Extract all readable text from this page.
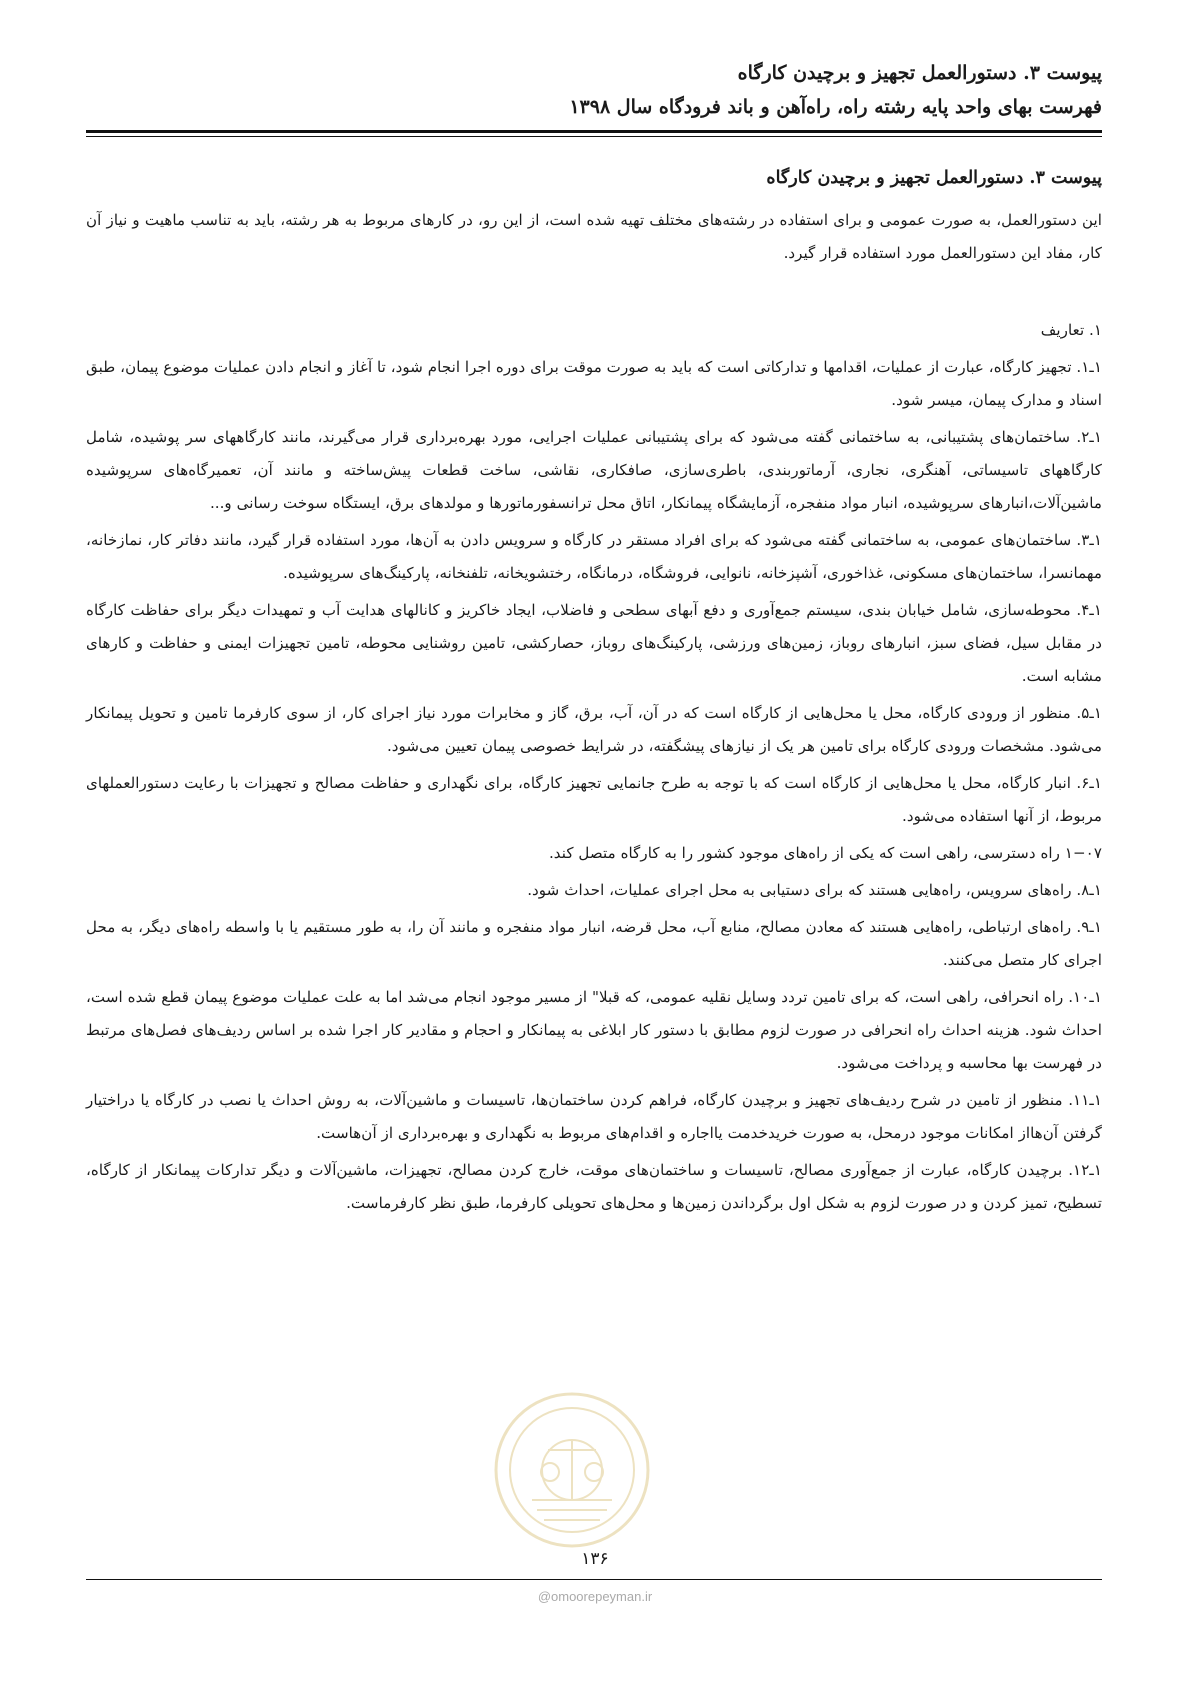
پیوست ۳. دستورالعمل تجهیز و برچیدن کارگاه
فهرست بهای واحد پایه رشته راه، راه‌آهن و باند فرودگاه سال ۱۳۹۸
پیوست ۳. دستورالعمل تجهیز و برچیدن کارگاه

این دستورالعمل، به صورت عمومی و برای استفاده در رشته‌های مختلف تهیه شده است، از این رو، در کارهای مربوط به هر رشته، باید به تناسب ماهیت و نیاز آن کار، مفاد این دستورالعمل مورد استفاده قرار گیرد.

۱. تعاریف

۱ـ۱. تجهیز کارگاه، عبارت از عملیات، اقدامها و تدارکاتی است که باید به صورت موقت برای دوره اجرا انجام شود، تا آغاز و انجام دادن عملیات موضوع پیمان، طبق اسناد و مدارک پیمان، میسر شود.

۱ـ۲. ساختمان‌های پشتیبانی، به ساختمانی گفته می‌شود که برای پشتیبانی عملیات اجرایی، مورد بهره‌برداری قرار می‌گیرند، مانند کارگاههای سر پوشیده، شامل کارگاههای تاسیساتی، آهنگری، نجاری، آرماتوربندی، باطری‌سازی، صافکاری، نقاشی، ساخت قطعات پیش‌ساخته و مانند آن، تعمیرگاه‌های سرپوشیده ماشین‌آلات،انبارهای سرپوشیده، انبار مواد منفجره، آزمایشگاه پیمانکار، اتاق محل ترانسفورماتورها و مولدهای برق، ایستگاه سوخت رسانی و...

۱ـ۳. ساختمان‌های عمومی، به ساختمانی گفته می‌شود که برای افراد مستقر در کارگاه و سرویس دادن به آن‌ها، مورد استفاده قرار گیرد، مانند دفاتر کار، نمازخانه، مهمانسرا، ساختمان‌های مسکونی، غذاخوری، آشپزخانه، نانوایی، فروشگاه، درمانگاه، رختشویخانه، تلفنخانه، پارکینگ‌های سرپوشیده.

۱ـ۴. محوطه‌سازی، شامل خیابان بندی، سیستم جمع‌آوری و دفع آبهای سطحی و فاضلاب، ایجاد خاکریز و کانالهای هدایت آب و تمهیدات دیگر برای حفاظت کارگاه در مقابل سیل، فضای سبز، انبارهای روباز، زمین‌های ورزشی، پارکینگ‌های روباز، حصارکشی، تامین روشنایی محوطه، تامین تجهیزات ایمنی و حفاظت و کارهای مشابه است.

۱ـ۵. منظور از ورودی کارگاه، محل یا محل‌هایی از کارگاه است که در آن، آب، برق، گاز و مخابرات مورد نیاز اجرای کار، از سوی کارفرما تامین و تحویل پیمانکار می‌شود. مشخصات ورودی کارگاه برای تامین هر یک از نیازهای پیشگفته، در شرایط خصوصی پیمان تعیین می‌شود.

۱ـ۶. انبار کارگاه، محل یا محل‌هایی از کارگاه است که با توجه به طرح جانمایی تجهیز کارگاه، برای نگهداری و حفاظت مصالح و تجهیزات با رعایت دستورالعملهای مربوط، از آنها استفاده می‌شود.

۱−۰۷ راه دسترسی، راهی است که یکی از راه‌های موجود کشور را به کارگاه متصل کند.

۱ـ۸. راه‌های سرویس، راه‌هایی هستند که برای دستیابی به محل اجرای عملیات، احداث شود.

۱ـ۹. راه‌های ارتباطی، راه‌هایی هستند که معادن مصالح، منابع آب، محل قرضه، انبار مواد منفجره و مانند آن را، به طور مستقیم یا با واسطه راه‌های دیگر، به محل اجرای کار متصل می‌کنند.

۱ـ۱۰. راه انحرافی، راهی است، که برای تامین تردد وسایل نقلیه عمومی، که قبلا" از مسیر موجود انجام می‌شد اما به علت عملیات موضوع پیمان قطع شده است، احداث شود. هزینه احداث راه انحرافی در صورت لزوم مطابق با دستور کار ابلاغی به پیمانکار و احجام و مقادیر کار اجرا شده بر اساس ردیف‌های فصل‌های مرتبط در فهرست بها محاسبه و پرداخت می‌شود.

۱ـ۱۱. منظور از تامین در شرح ردیف‌های تجهیز و برچیدن کارگاه، فراهم کردن ساختمان‌ها، تاسیسات و ماشین‌آلات، به روش احداث یا نصب در کارگاه یا دراختیار گرفتن آن‌هااز امکانات موجود درمحل، به صورت خریدخدمت یااجاره و اقدام‌های مربوط به نگهداری و بهره‌برداری از آن‌هاست.

۱ـ۱۲. برچیدن کارگاه، عبارت از جمع‌آوری مصالح، تاسیسات و ساختمان‌های موقت، خارج کردن مصالح، تجهیزات، ماشین‌آلات و دیگر تدارکات پیمانکار از کارگاه، تسطیح، تمیز کردن و در صورت لزوم به شکل اول برگرداندن زمین‌ها و محل‌های تحویلی کارفرما، طبق نظر کارفرماست.

۱۳۶
@omoorepeyman.ir
